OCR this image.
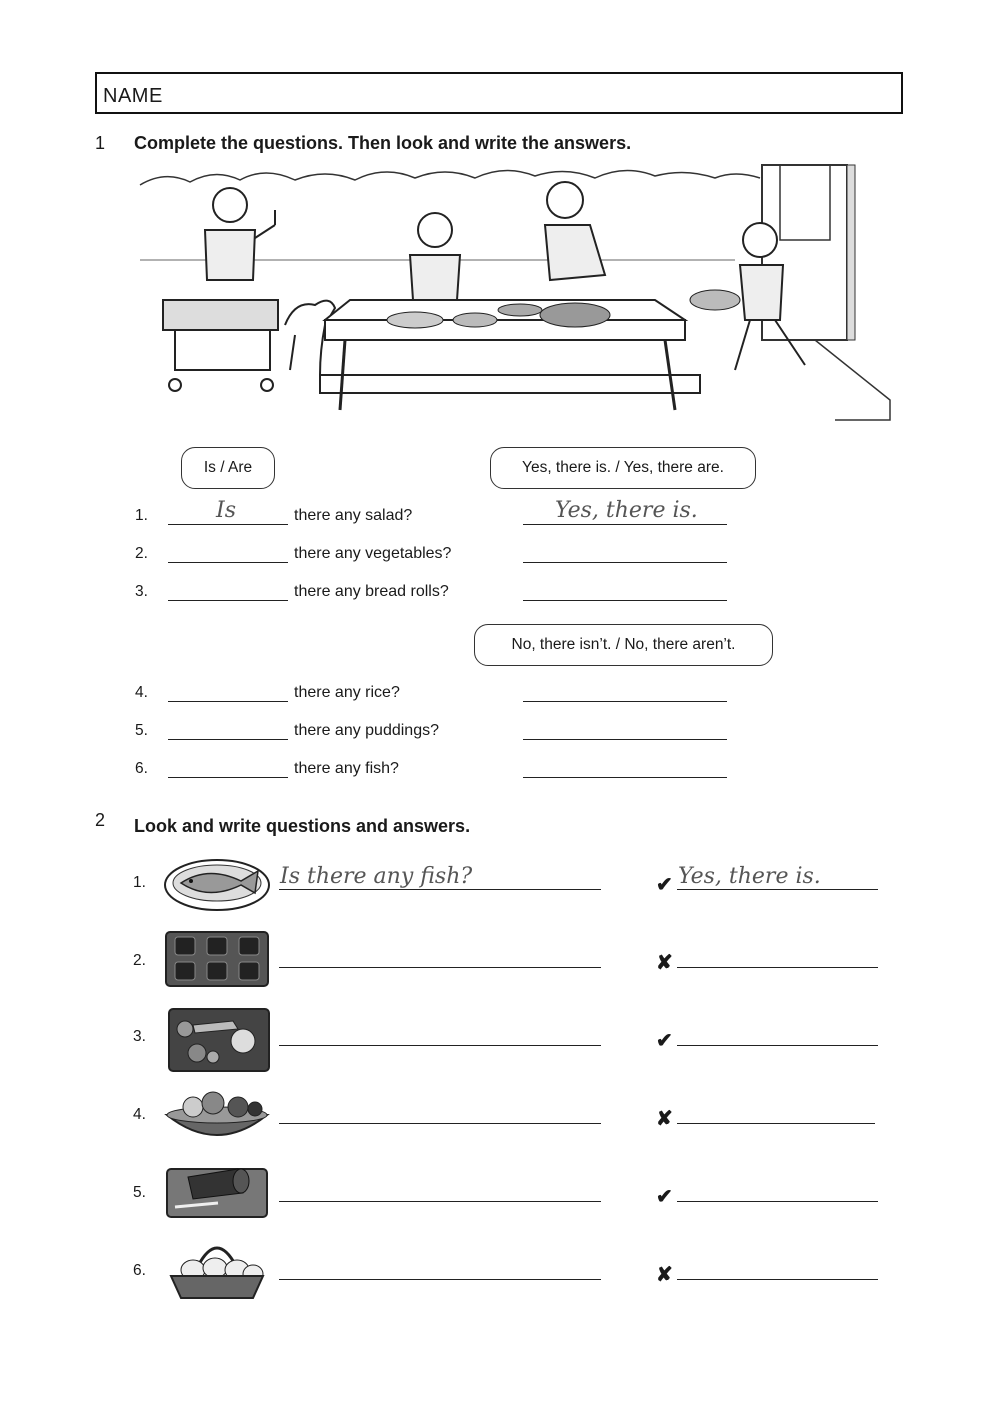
NAME
1 Complete the questions. Then look and write the answers.
Is / Are	Yes, there is. / Yes, there are.
No, there isn’t. / No, there aren’t.
1.	Is	there any salad?	Yes, there is.
2.	there any vegetables?
3.	there any bread rolls?
4.	there any rice?
5.	there any puddings?
6.	there any fish?
2 Look and write questions and answers.
1.	Is there any fish?	✔ Yes, there is.
2.	✘
3.	✔
4.	✘
5.	✔
6.	✘
